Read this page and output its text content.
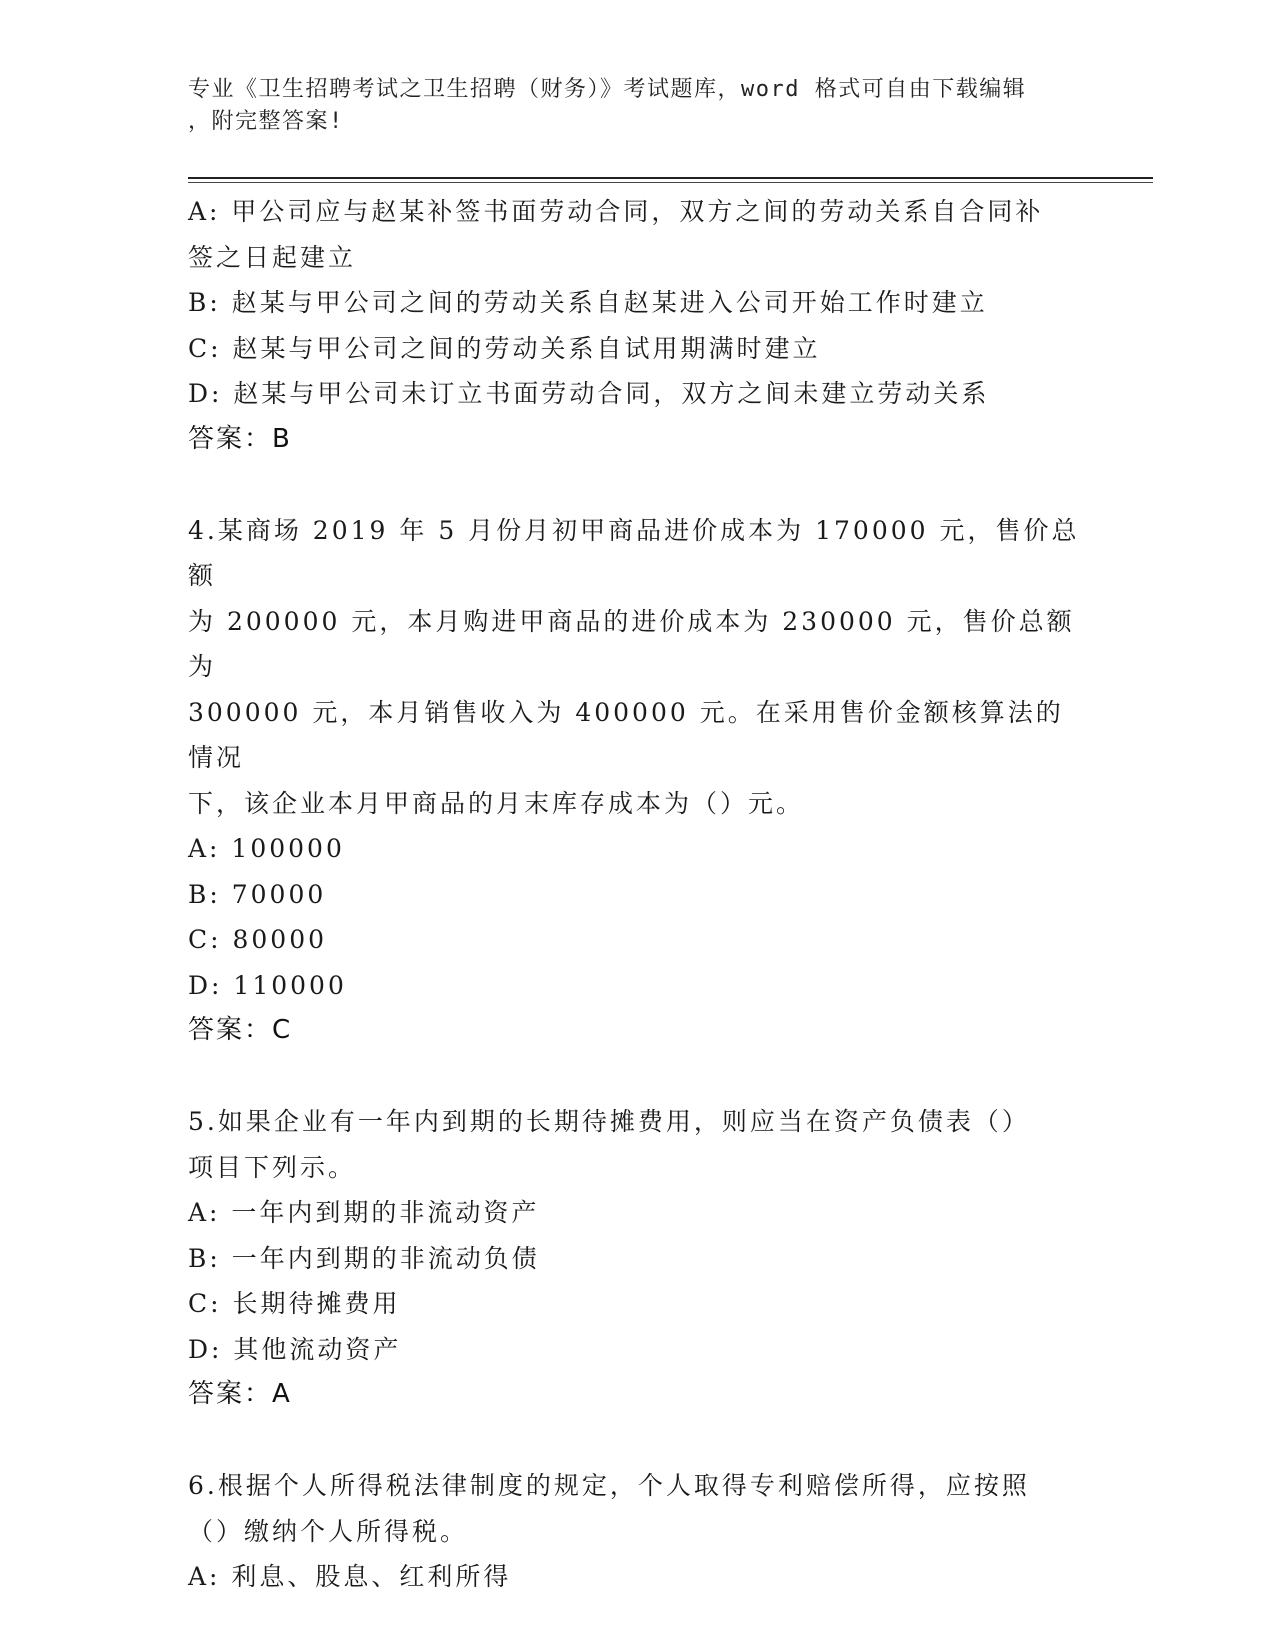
专业《卫生招聘考试之卫生招聘（财务）》考试题库，word 格式可自由下载编辑
，附完整答案!
A: 甲公司应与赵某补签书面劳动合同，双方之间的劳动关系自合同补
签之日起建立
B: 赵某与甲公司之间的劳动关系自赵某进入公司开始工作时建立
C: 赵某与甲公司之间的劳动关系自试用期满时建立
D: 赵某与甲公司未订立书面劳动合同，双方之间未建立劳动关系
答案：B
4.某商场 2019 年 5 月份月初甲商品进价成本为 170000 元，售价总额
为 200000 元，本月购进甲商品的进价成本为 230000 元，售价总额为
300000 元，本月销售收入为 400000 元。在采用售价金额核算法的情况
下，该企业本月甲商品的月末库存成本为（）元。
A: 100000
B: 70000
C: 80000
D: 110000
答案：C
5.如果企业有一年内到期的长期待摊费用，则应当在资产负债表（）
项目下列示。
A: 一年内到期的非流动资产
B: 一年内到期的非流动负债
C: 长期待摊费用
D: 其他流动资产
答案：A
6.根据个人所得税法律制度的规定，个人取得专利赔偿所得，应按照
（）缴纳个人所得税。
A: 利息、股息、红利所得
